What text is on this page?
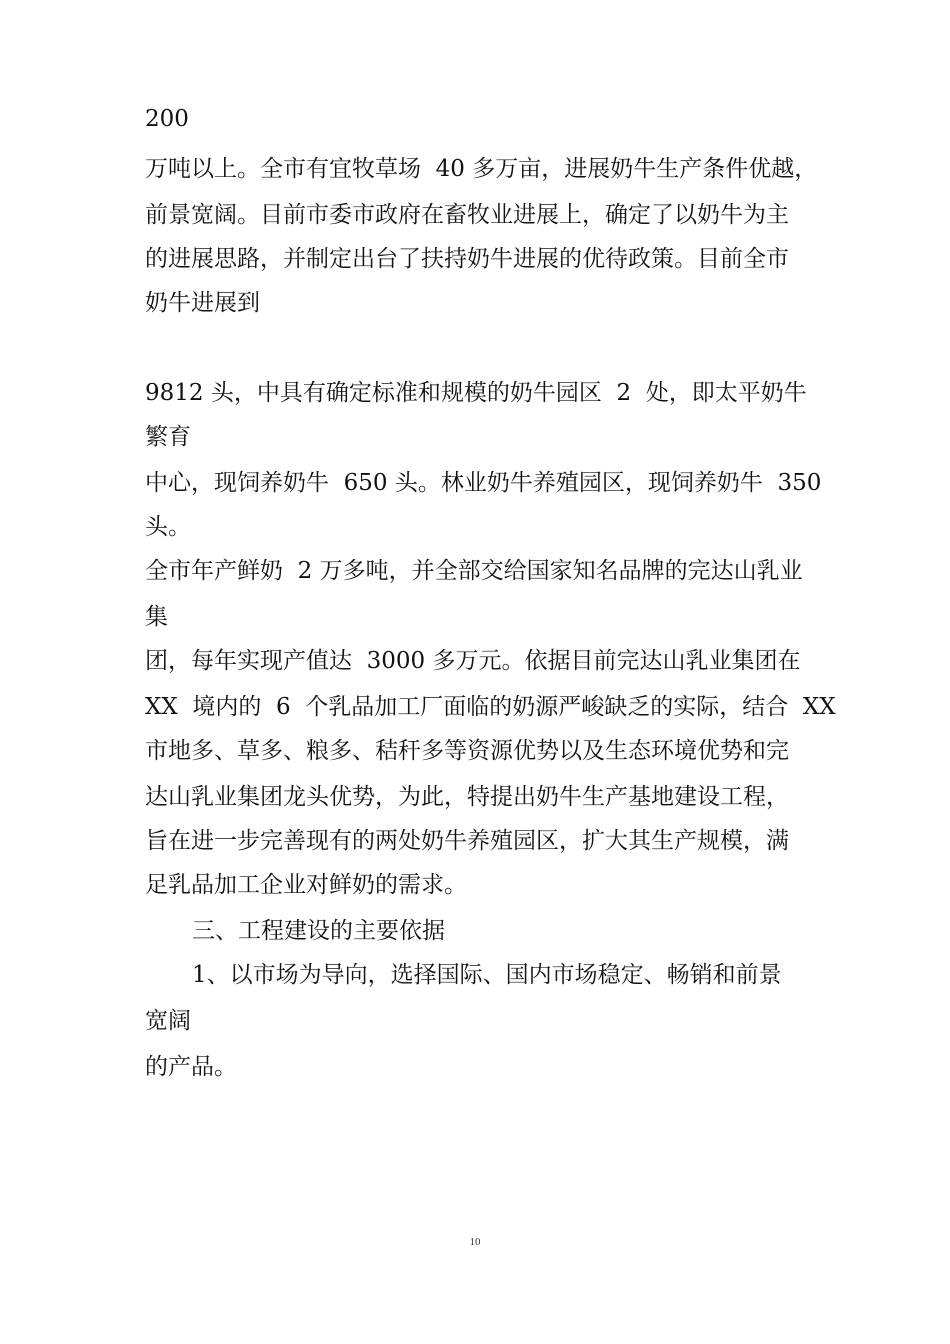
200
万吨以上。全市有宜牧草场  40 多万亩，进展奶牛生产条件优越，
前景宽阔。目前市委市政府在畜牧业进展上，确定了以奶牛为主
的进展思路，并制定出台了扶持奶牛进展的优待政策。目前全市
奶牛进展到
9812 头，中具有确定标准和规模的奶牛园区  2  处，即太平奶牛
繁育
中心，现饲养奶牛  650 头。林业奶牛养殖园区，现饲养奶牛  350
头。
全市年产鲜奶  2 万多吨，并全部交给国家知名品牌的完达山乳业
集
团，每年实现产值达  3000 多万元。依据目前完达山乳业集团在
XX  境内的  6  个乳品加工厂面临的奶源严峻缺乏的实际，结合  XX
市地多、草多、粮多、秸秆多等资源优势以及生态环境优势和完
达山乳业集团龙头优势，为此，特提出奶牛生产基地建设工程，
旨在进一步完善现有的两处奶牛养殖园区，扩大其生产规模，满
足乳品加工企业对鲜奶的需求。
三、工程建设的主要依据
1、以市场为导向，选择国际、国内市场稳定、畅销和前景
宽阔
的产品。
10
